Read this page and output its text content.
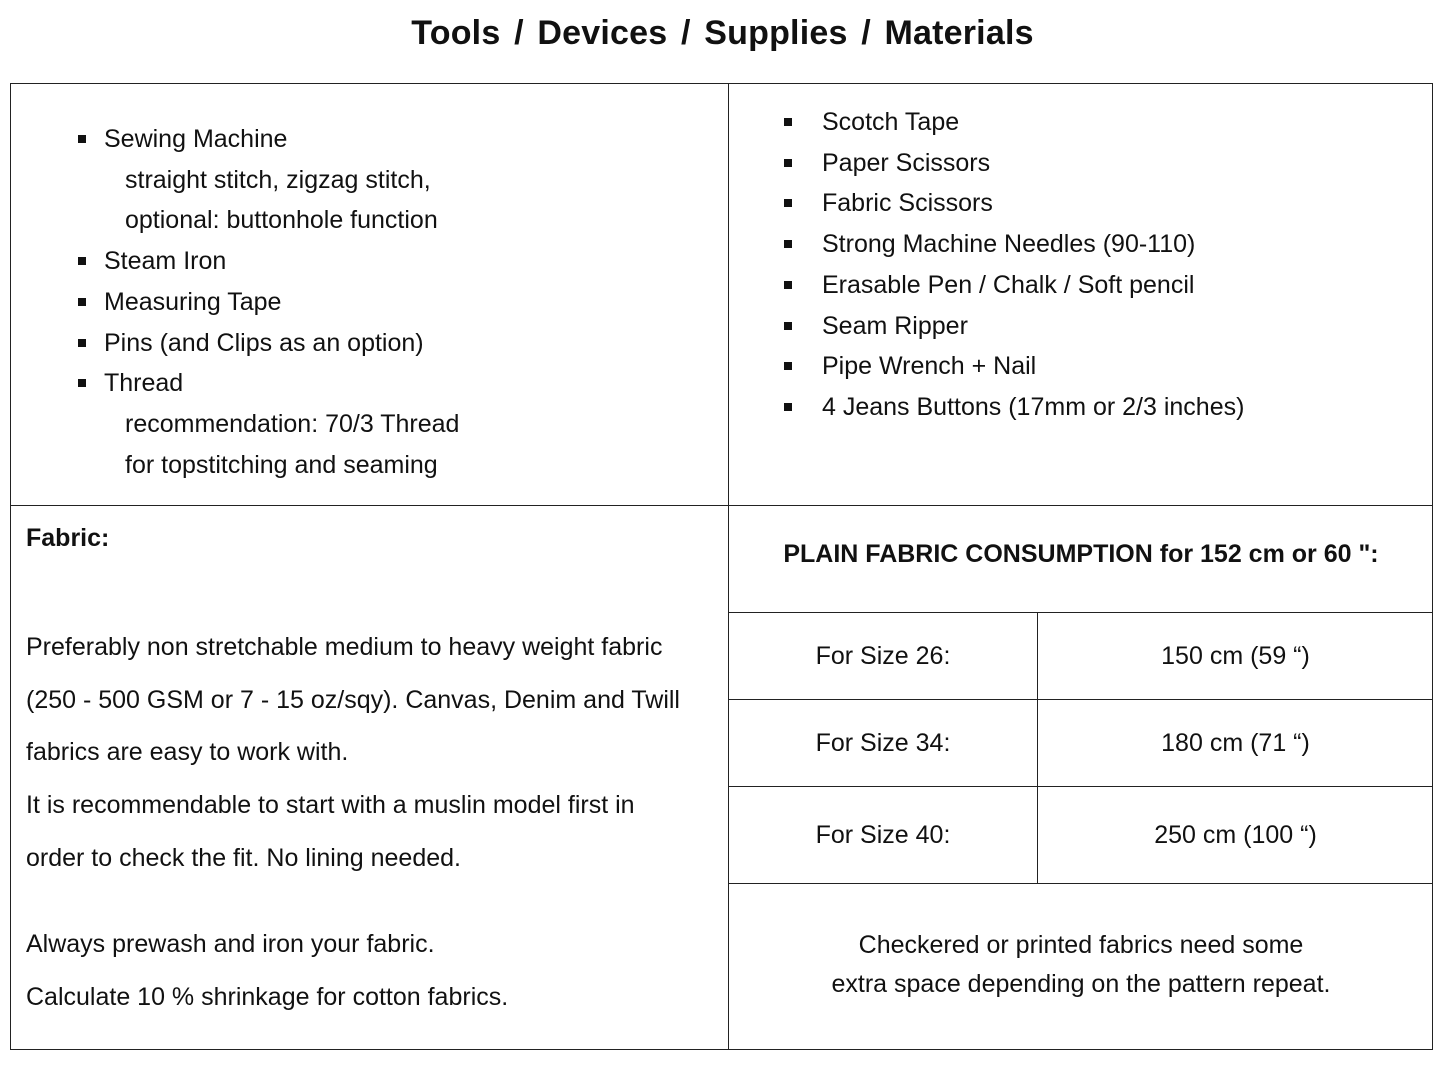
Tools / Devices / Supplies / Materials
Sewing Machine
straight stitch, zigzag stitch,
optional: buttonhole function
Steam Iron
Measuring Tape
Pins (and Clips as an option)
Thread
recommendation: 70/3 Thread
for topstitching and seaming
Scotch Tape
Paper Scissors
Fabric Scissors
Strong Machine Needles (90-110)
Erasable Pen / Chalk / Soft pencil
Seam Ripper
Pipe Wrench + Nail
4 Jeans Buttons (17mm or 2/3 inches)
Fabric:
Preferably non stretchable medium to heavy weight fabric
(250 - 500 GSM or 7 - 15 oz/sqy). Canvas, Denim and Twill
fabrics are easy to work with.
It is recommendable to start with a muslin model first in
order to check the fit. No lining needed.
Always prewash and iron your fabric.
Calculate 10 % shrinkage for cotton fabrics.
PLAIN FABRIC CONSUMPTION for 152 cm or 60 ":
For Size 26:	150 cm (59 “)
For Size 34:	180 cm (71 “)
For Size 40:	250 cm (100 “)
Checkered or printed fabrics need some
extra space depending on the pattern repeat.
